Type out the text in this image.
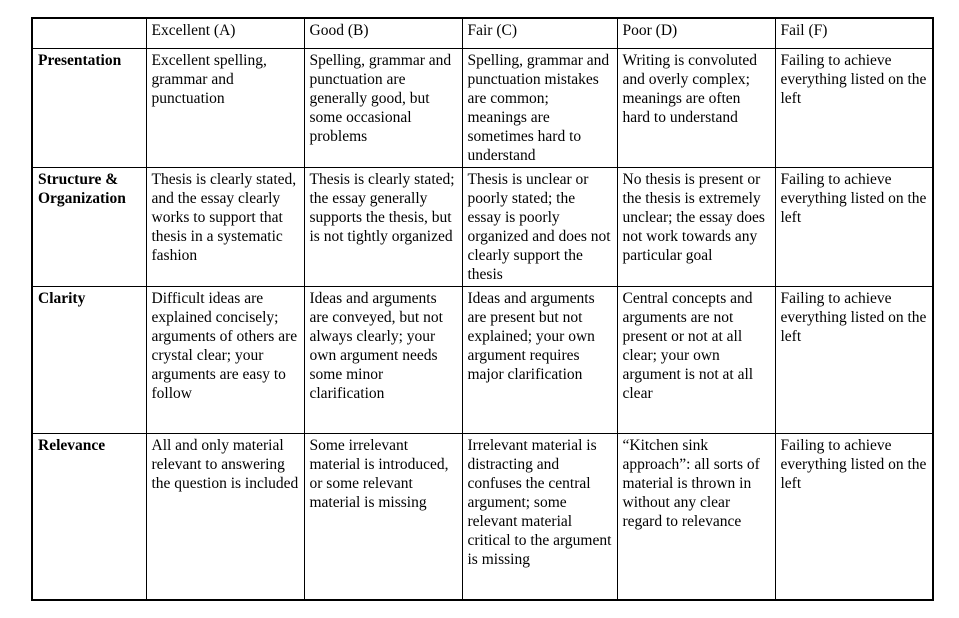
	Excellent (A)	Good (B)	Fair (C)	Poor (D)	Fail (F)
Presentation	Excellent spelling, grammar and punctuation	Spelling, grammar and punctuation are generally good, but some occasional problems	Spelling, grammar and punctuation mistakes are common; meanings are sometimes hard to understand	Writing is convoluted and overly complex; meanings are often hard to understand	Failing to achieve everything listed on the left
Structure & Organization	Thesis is clearly stated, and the essay clearly works to support that thesis in a systematic fashion	Thesis is clearly stated; the essay generally supports the thesis, but is not tightly organized	Thesis is unclear or poorly stated; the essay is poorly organized and does not clearly support the thesis	No thesis is present or the thesis is extremely unclear; the essay does not work towards any particular goal	Failing to achieve everything listed on the left
Clarity	Difficult ideas are explained concisely; arguments of others are crystal clear; your arguments are easy to follow	Ideas and arguments are conveyed, but not always clearly; your own argument needs some minor clarification	Ideas and arguments are present but not explained; your own argument requires major clarification	Central concepts and arguments are not present or not at all clear; your own argument is not at all clear	Failing to achieve everything listed on the left
Relevance	All and only material relevant to answering the question is included	Some irrelevant material is introduced, or some relevant material is missing	Irrelevant material is distracting and confuses the central argument; some relevant material critical to the argument is missing	“Kitchen sink approach”: all sorts of material is thrown in without any clear regard to relevance	Failing to achieve everything listed on the left
